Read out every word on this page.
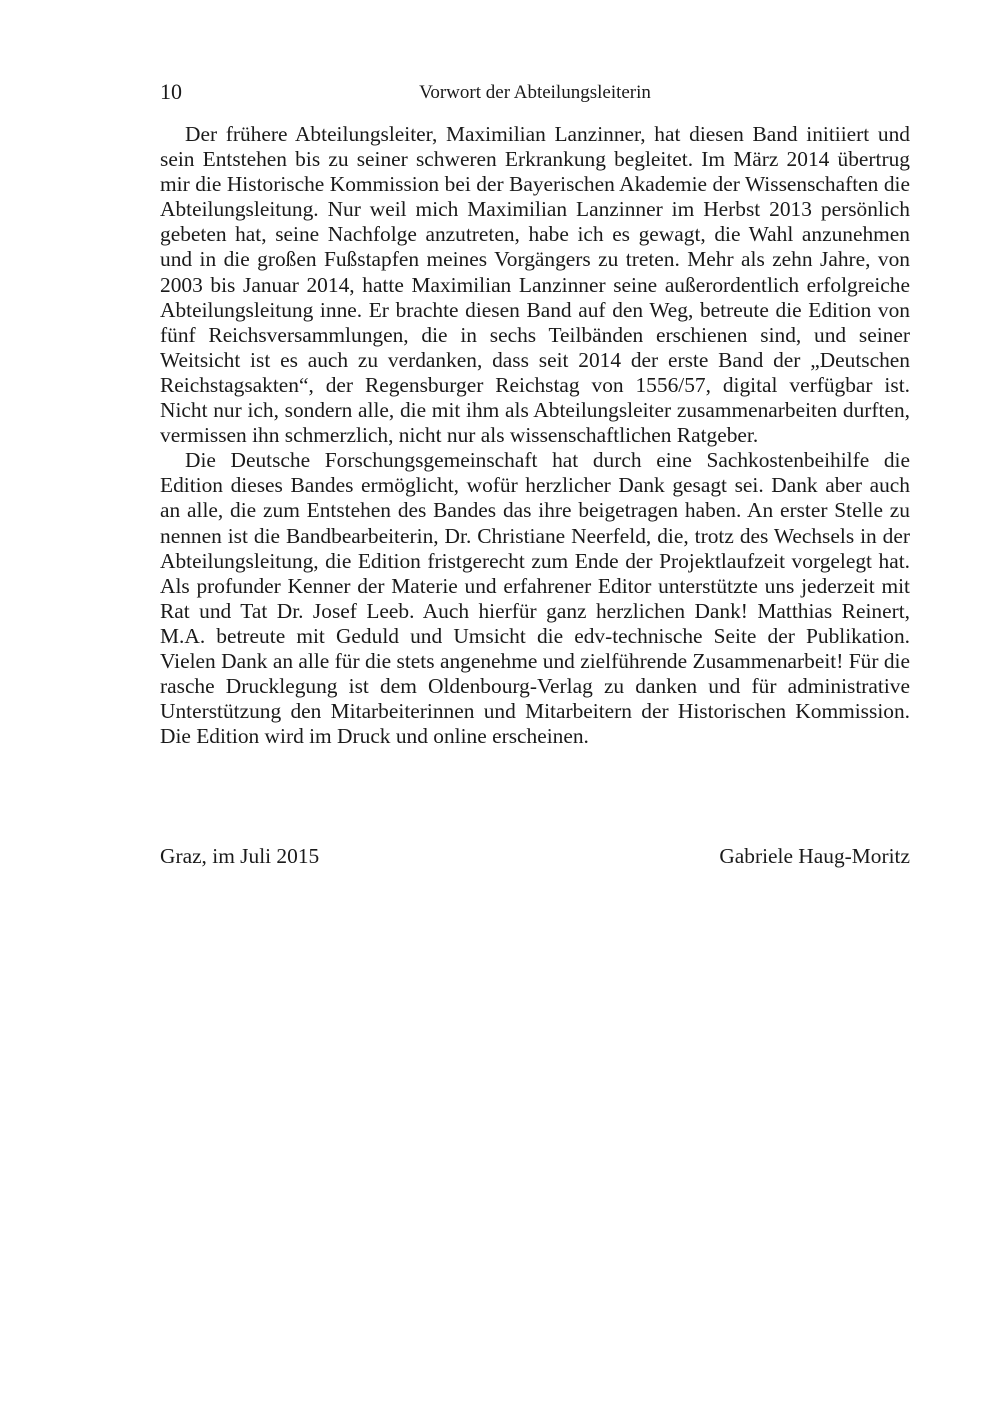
10	Vorwort der Abteilungsleiterin

Der frühere Abteilungsleiter, Maximilian Lanzinner, hat diesen Band initiiert und sein Entstehen bis zu seiner schweren Erkrankung begleitet. Im März 2014 übertrug mir die Historische Kommission bei der Bayerischen Akademie der Wissenschaften die Abteilungsleitung. Nur weil mich Maximilian Lanzinner im Herbst 2013 persönlich gebeten hat, seine Nachfolge anzutreten, habe ich es gewagt, die Wahl anzunehmen und in die großen Fußstapfen meines Vorgängers zu treten. Mehr als zehn Jahre, von 2003 bis Januar 2014, hatte Maximilian Lanzinner seine außerordentlich erfolgreiche Abteilungsleitung inne. Er brachte diesen Band auf den Weg, betreute die Edition von fünf Reichsversammlungen, die in sechs Teilbänden erschienen sind, und seiner Weitsicht ist es auch zu verdanken, dass seit 2014 der erste Band der „Deutschen Reichstagsakten“, der Regensburger Reichstag von 1556/57, digital verfügbar ist. Nicht nur ich, sondern alle, die mit ihm als Abteilungsleiter zusammenarbeiten durften, vermissen ihn schmerzlich, nicht nur als wissenschaftlichen Ratgeber.

Die Deutsche Forschungsgemeinschaft hat durch eine Sachkostenbeihilfe die Edition dieses Bandes ermöglicht, wofür herzlicher Dank gesagt sei. Dank aber auch an alle, die zum Entstehen des Bandes das ihre beigetragen haben. An erster Stelle zu nennen ist die Bandbearbeiterin, Dr. Christiane Neerfeld, die, trotz des Wechsels in der Abteilungsleitung, die Edition fristgerecht zum Ende der Projektlaufzeit vorgelegt hat. Als profunder Kenner der Materie und erfahrener Editor unterstützte uns jederzeit mit Rat und Tat Dr. Josef Leeb. Auch hierfür ganz herzlichen Dank! Matthias Reinert, M.A. betreute mit Geduld und Umsicht die edv-technische Seite der Publikation. Vielen Dank an alle für die stets angenehme und zielführende Zusammenarbeit! Für die rasche Drucklegung ist dem Oldenbourg-Verlag zu danken und für administrative Unterstützung den Mitarbeiterinnen und Mitarbeitern der Historischen Kommission. Die Edition wird im Druck und online erscheinen.

Graz, im Juli 2015	Gabriele Haug-Moritz
